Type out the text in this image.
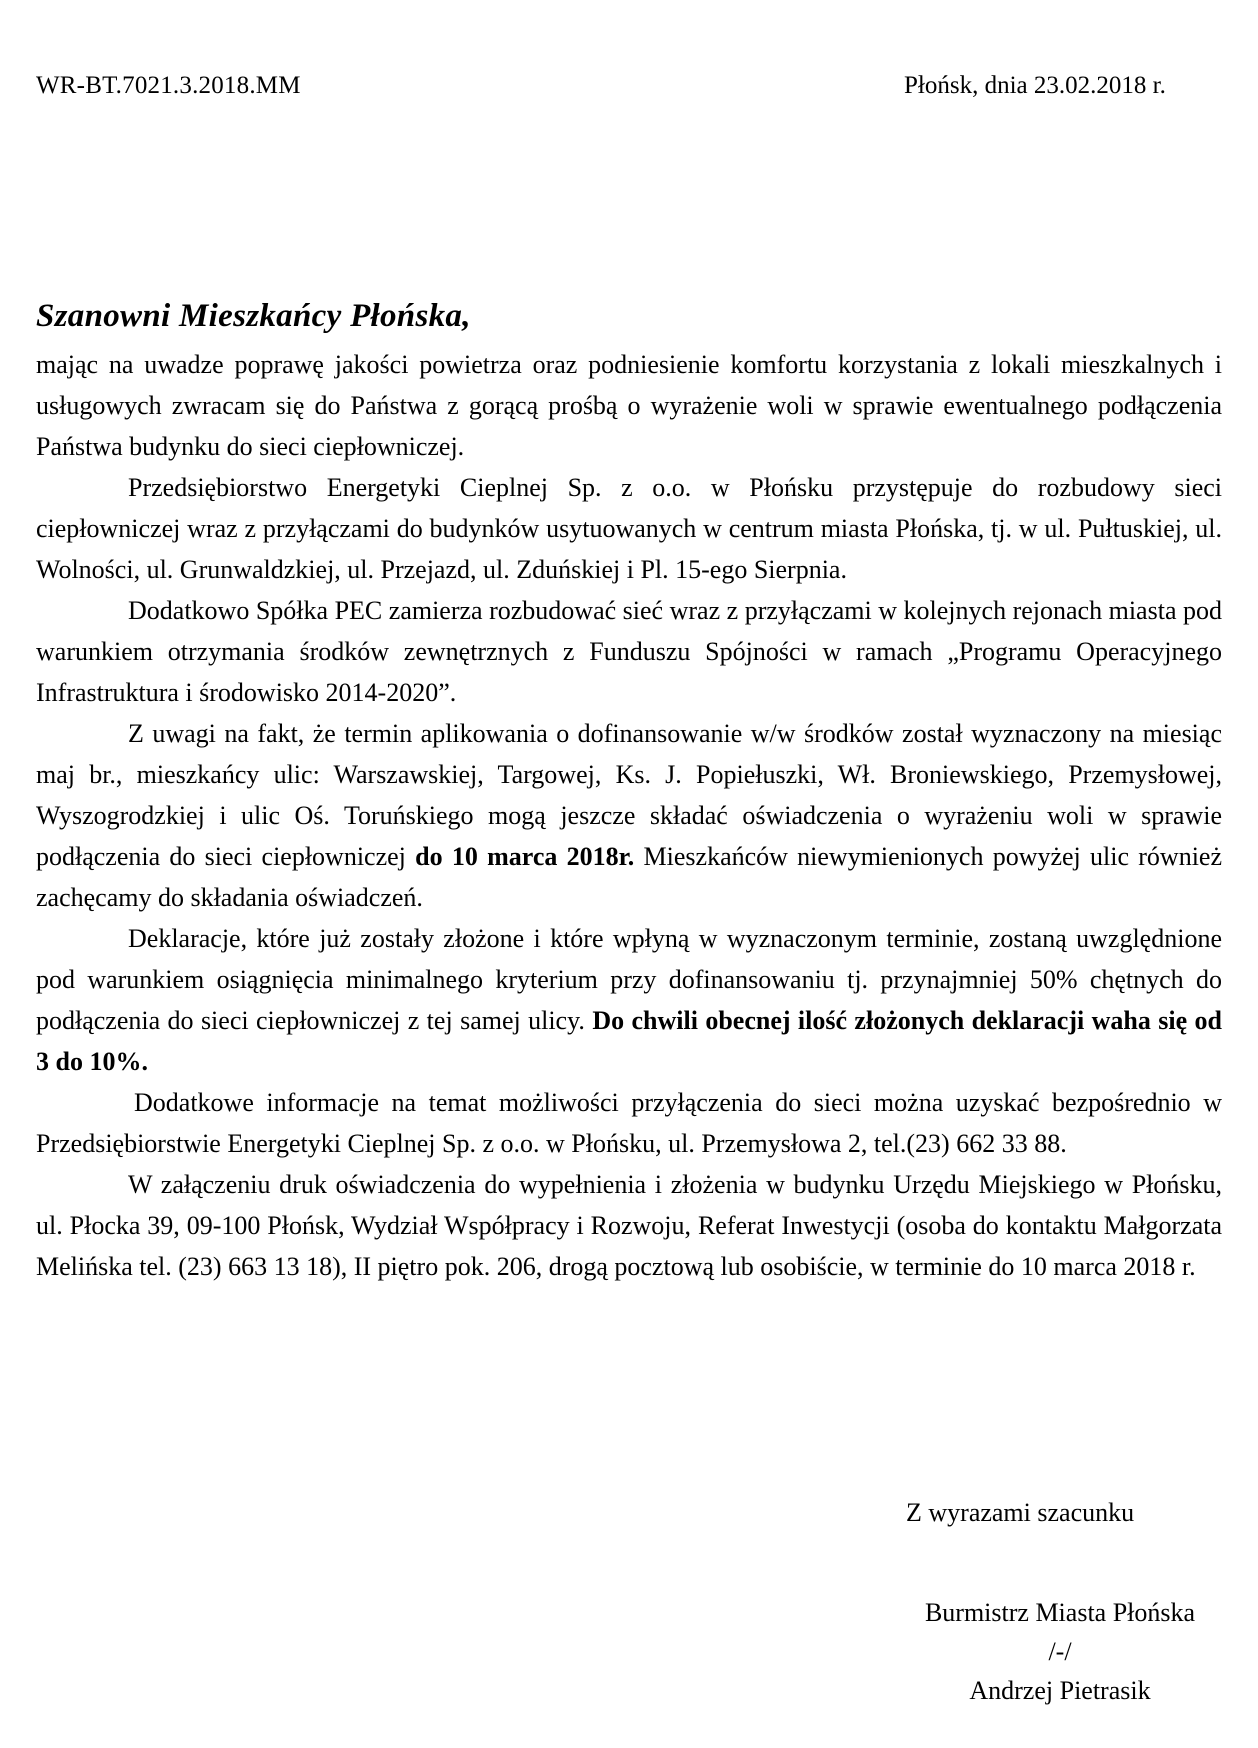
WR-BT.7021.3.2018.MM	Płońsk, dnia 23.02.2018 r.
Szanowni Mieszkańcy Płońska,

mając na uwadze poprawę jakości powietrza oraz podniesienie komfortu korzystania z lokali mieszkalnych i usługowych zwracam się do Państwa z gorącą prośbą o wyrażenie woli w sprawie ewentualnego podłączenia Państwa budynku do sieci ciepłowniczej.

Przedsiębiorstwo Energetyki Cieplnej Sp. z o.o. w Płońsku przystępuje do rozbudowy sieci ciepłowniczej wraz z przyłączami do budynków usytuowanych w centrum miasta Płońska, tj. w ul. Pułtuskiej, ul. Wolności, ul. Grunwaldzkiej, ul. Przejazd, ul. Zduńskiej i Pl. 15-ego Sierpnia.

Dodatkowo Spółka PEC zamierza rozbudować sieć wraz z przyłączami w kolejnych rejonach miasta pod warunkiem otrzymania środków zewnętrznych z Funduszu Spójności w ramach „Programu Operacyjnego Infrastruktura i środowisko 2014-2020”.

Z uwagi na fakt, że termin aplikowania o dofinansowanie w/w środków został wyznaczony na miesiąc maj br., mieszkańcy ulic: Warszawskiej, Targowej, Ks. J. Popiełuszki, Wł. Broniewskiego, Przemysłowej, Wyszogrodzkiej i ulic Oś. Toruńskiego mogą jeszcze składać oświadczenia o wyrażeniu woli w sprawie podłączenia do sieci ciepłowniczej do 10 marca 2018r. Mieszkańców niewymienionych powyżej ulic również zachęcamy do składania oświadczeń.

Deklaracje, które już zostały złożone i które wpłyną w wyznaczonym terminie, zostaną uwzględnione pod warunkiem osiągnięcia minimalnego kryterium przy dofinansowaniu tj. przynajmniej 50% chętnych do podłączenia do sieci ciepłowniczej z tej samej ulicy. Do chwili obecnej ilość złożonych deklaracji waha się od 3 do 10%.

Dodatkowe informacje na temat możliwości przyłączenia do sieci można uzyskać bezpośrednio w Przedsiębiorstwie Energetyki Cieplnej Sp. z o.o. w Płońsku, ul. Przemysłowa 2, tel.(23) 662 33 88.

W załączeniu druk oświadczenia do wypełnienia i złożenia w budynku Urzędu Miejskiego w Płońsku, ul. Płocka 39, 09-100 Płońsk, Wydział Współpracy i Rozwoju, Referat Inwestycji (osoba do kontaktu Małgorzata Melińska tel. (23) 663 13 18), II piętro pok. 206, drogą pocztową lub osobiście, w terminie do 10 marca 2018 r.

Z wyrazami szacunku
Burmistrz Miasta Płońska
/-/
Andrzej Pietrasik
